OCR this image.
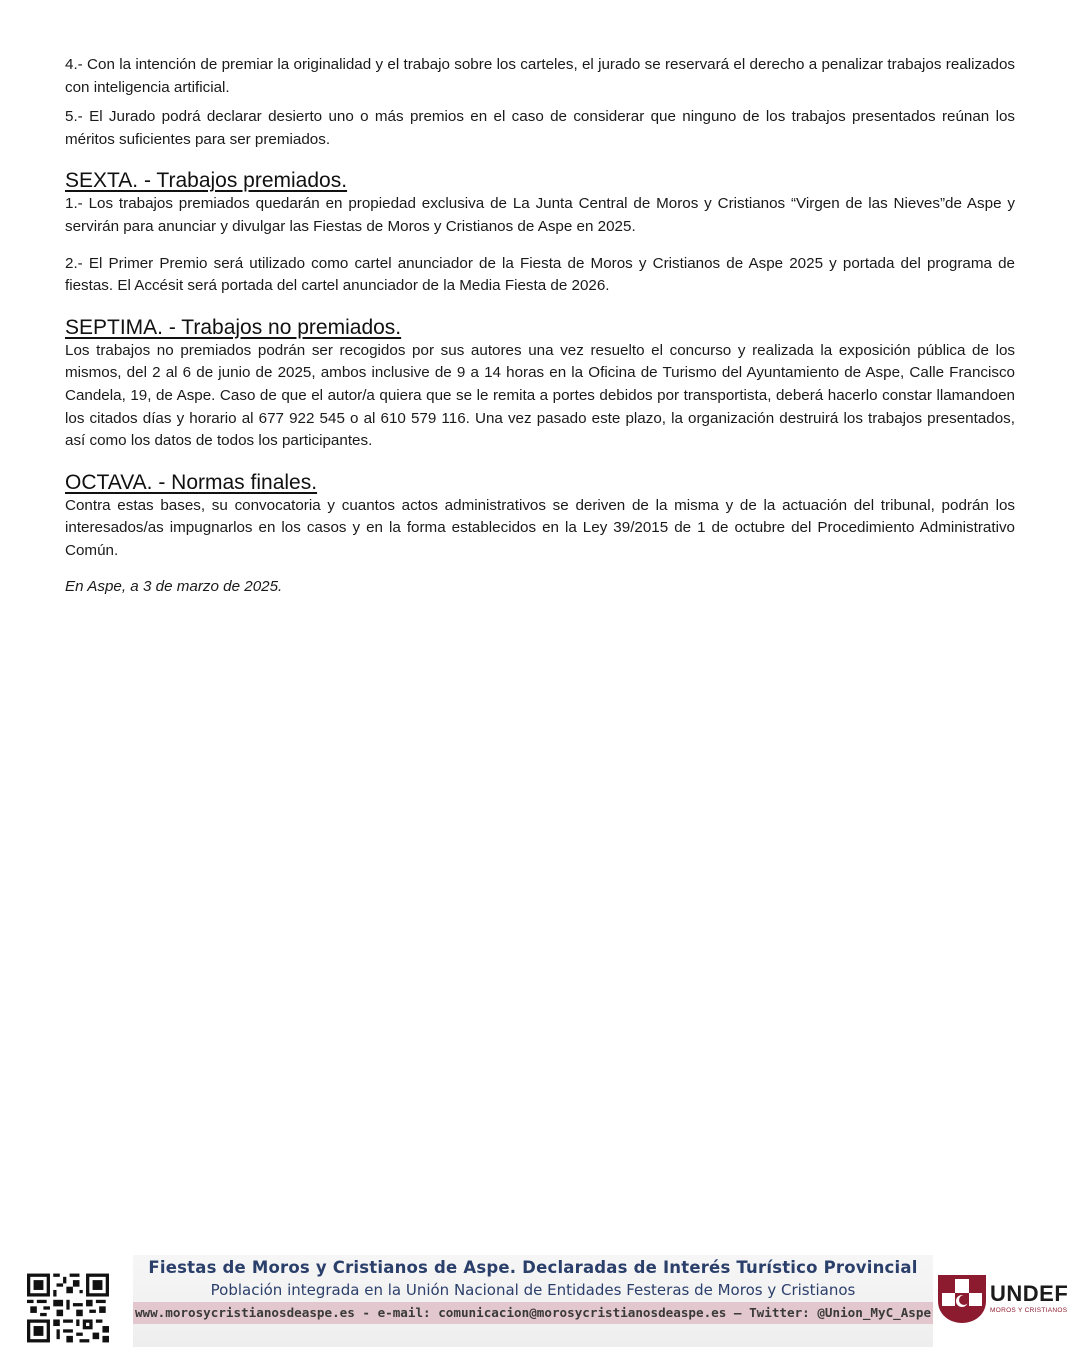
4.- Con la intención de premiar la originalidad y el trabajo sobre los carteles, el jurado se reservará el derecho a penalizar trabajos realizados con inteligencia artificial.

5.- El Jurado podrá declarar desierto uno o más premios en el caso de considerar que ninguno de los trabajos presentados reúnan los méritos suficientes para ser premiados.

SEXTA. - Trabajos premiados.

1.- Los trabajos premiados quedarán en propiedad exclusiva de La Junta Central de Moros y Cristianos “Virgen de las Nieves”de Aspe y servirán para anunciar y divulgar las Fiestas de Moros y Cristianos de Aspe en 2025.

2.- El Primer Premio será utilizado como cartel anunciador de la Fiesta de Moros y Cristianos de Aspe 2025 y portada del programa de fiestas. El Accésit será portada del cartel anunciador de la Media Fiesta de 2026.

SEPTIMA. - Trabajos no premiados.

Los trabajos no premiados podrán ser recogidos por sus autores una vez resuelto el concurso y realizada la exposición pública de los mismos, del 2 al 6 de junio de 2025, ambos inclusive de 9 a 14 horas en la Oficina de Turismo del Ayuntamiento de Aspe, Calle Francisco Candela, 19, de Aspe. Caso de que el autor/a quiera que se le remita a portes debidos por transportista, deberá hacerlo constar llamandoen los citados días y horario al 677 922 545 o al 610 579 116. Una vez pasado este plazo, la organización destruirá los trabajos presentados, así como los datos de todos los participantes.

OCTAVA. - Normas finales.

Contra estas bases, su convocatoria y cuantos actos administrativos se deriven de la misma y de la actuación del tribunal, podrán los interesados/as impugnarlos en los casos y en la forma establecidos en la Ley 39/2015 de 1 de octubre del Procedimiento Administrativo Común.

En Aspe, a 3 de marzo de 2025.

Fiestas de Moros y Cristianos de Aspe. Declaradas de Interés Turístico Provincial
Población integrada en la Unión Nacional de Entidades Festeras de Moros y Cristianos
www.morosycristianosdeaspe.es - e-mail: comunicacion@morosycristianosdeaspe.es — Twitter: @Union_MyC_Aspe
UNDEF
MOROS Y CRISTIANOS
